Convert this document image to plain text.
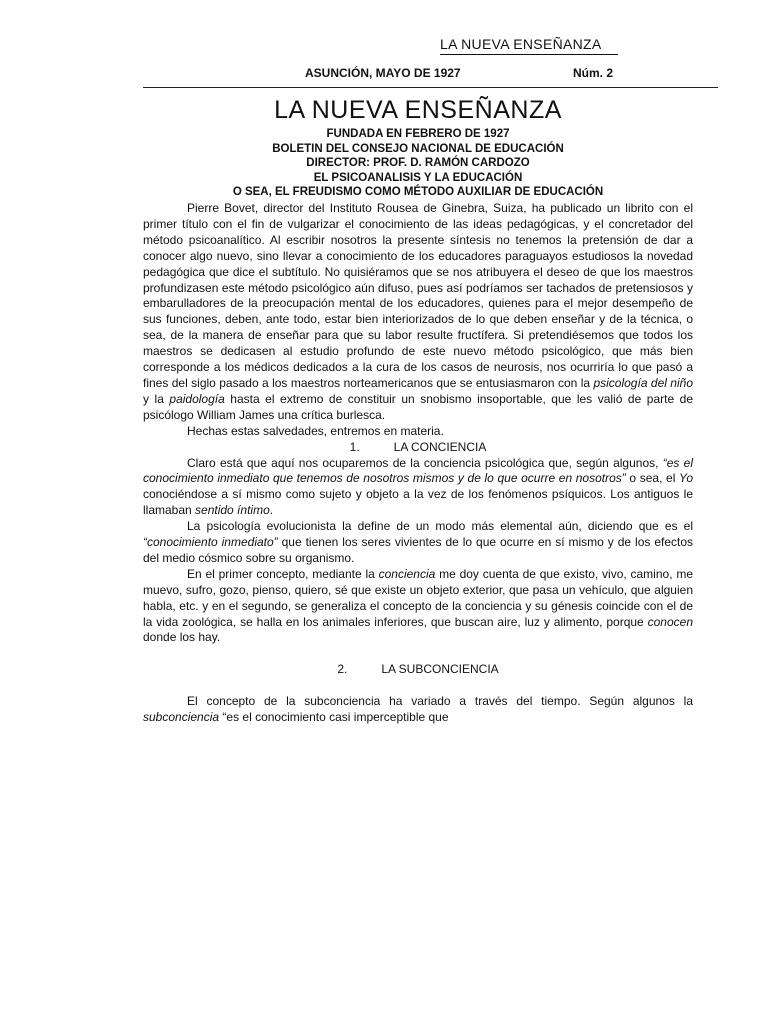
LA NUEVA ENSEÑANZA
ASUNCIÓN, MAYO DE 1927	Núm. 2
LA NUEVA ENSEÑANZA
FUNDADA EN FEBRERO DE 1927
BOLETIN DEL CONSEJO NACIONAL DE EDUCACIÓN
DIRECTOR: PROF. D. RAMÓN CARDOZO
EL PSICOANALISIS Y LA EDUCACIÓN
O SEA, EL FREUDISMO COMO MÉTODO AUXILIAR DE EDUCACIÓN

Pierre Bovet, director del Instituto Rousea de Ginebra, Suiza, ha publicado un librito con el primer título con el fin de vulgarizar el conocimiento de las ideas pedagógicas, y el concretador del método psicoanalítico. Al escribir nosotros la presente síntesis no tenemos la pretensión de dar a conocer algo nuevo, sino llevar a conocimiento de los educadores paraguayos estudiosos la novedad pedagógica que dice el subtítulo. No quisiéramos que se nos atribuyera el deseo de que los maestros profundizasen este método psicológico aún difuso, pues así podríamos ser tachados de pretensiosos y embarulladores de la preocupación mental de los educadores, quienes para el mejor desempeño de sus funciones, deben, ante todo, estar bien interiorizados de lo que deben enseñar y de la técnica, o sea, de la manera de enseñar para que su labor resulte fructífera. Si pretendiésemos que todos los maestros se dedicasen al estudio profundo de este nuevo método psicológico, que más bien corresponde a los médicos dedicados a la cura de los casos de neurosis, nos ocurriría lo que pasó a fines del siglo pasado a los maestros norteamericanos que se entusiasmaron con la psicología del niño y la paidología hasta el extremo de constituir un snobismo insoportable, que les valió de parte de psicólogo William James una crítica burlesca.

Hechas estas salvedades, entremos en materia.

1.	LA CONCIENCIA

Claro está que aquí nos ocuparemos de la conciencia psicológica que, según algunos, “es el conocimiento inmediato que tenemos de nosotros mismos y de lo que ocurre en nosotros” o sea, el Yo conociéndose a sí mismo como sujeto y objeto a la vez de los fenómenos psíquicos. Los antiguos le llamaban sentido íntimo.

La psicología evolucionista la define de un modo más elemental aún, diciendo que es el “conocimiento inmediato” que tienen los seres vivientes de lo que ocurre en sí mismo y de los efectos del medio cósmico sobre su organismo.

En el primer concepto, mediante la conciencia me doy cuenta de que existo, vivo, camino, me muevo, sufro, gozo, pienso, quiero, sé que existe un objeto exterior, que pasa un vehículo, que alguien habla, etc. y en el segundo, se generaliza el concepto de la conciencia y su génesis coincide con el de la vida zoológica, se halla en los animales inferiores, que buscan aire, luz y alimento, porque conocen donde los hay.

2.	LA SUBCONCIENCIA

El concepto de la subconciencia ha variado a través del tiempo. Según algunos la subconciencia “es el conocimiento casi imperceptible que
